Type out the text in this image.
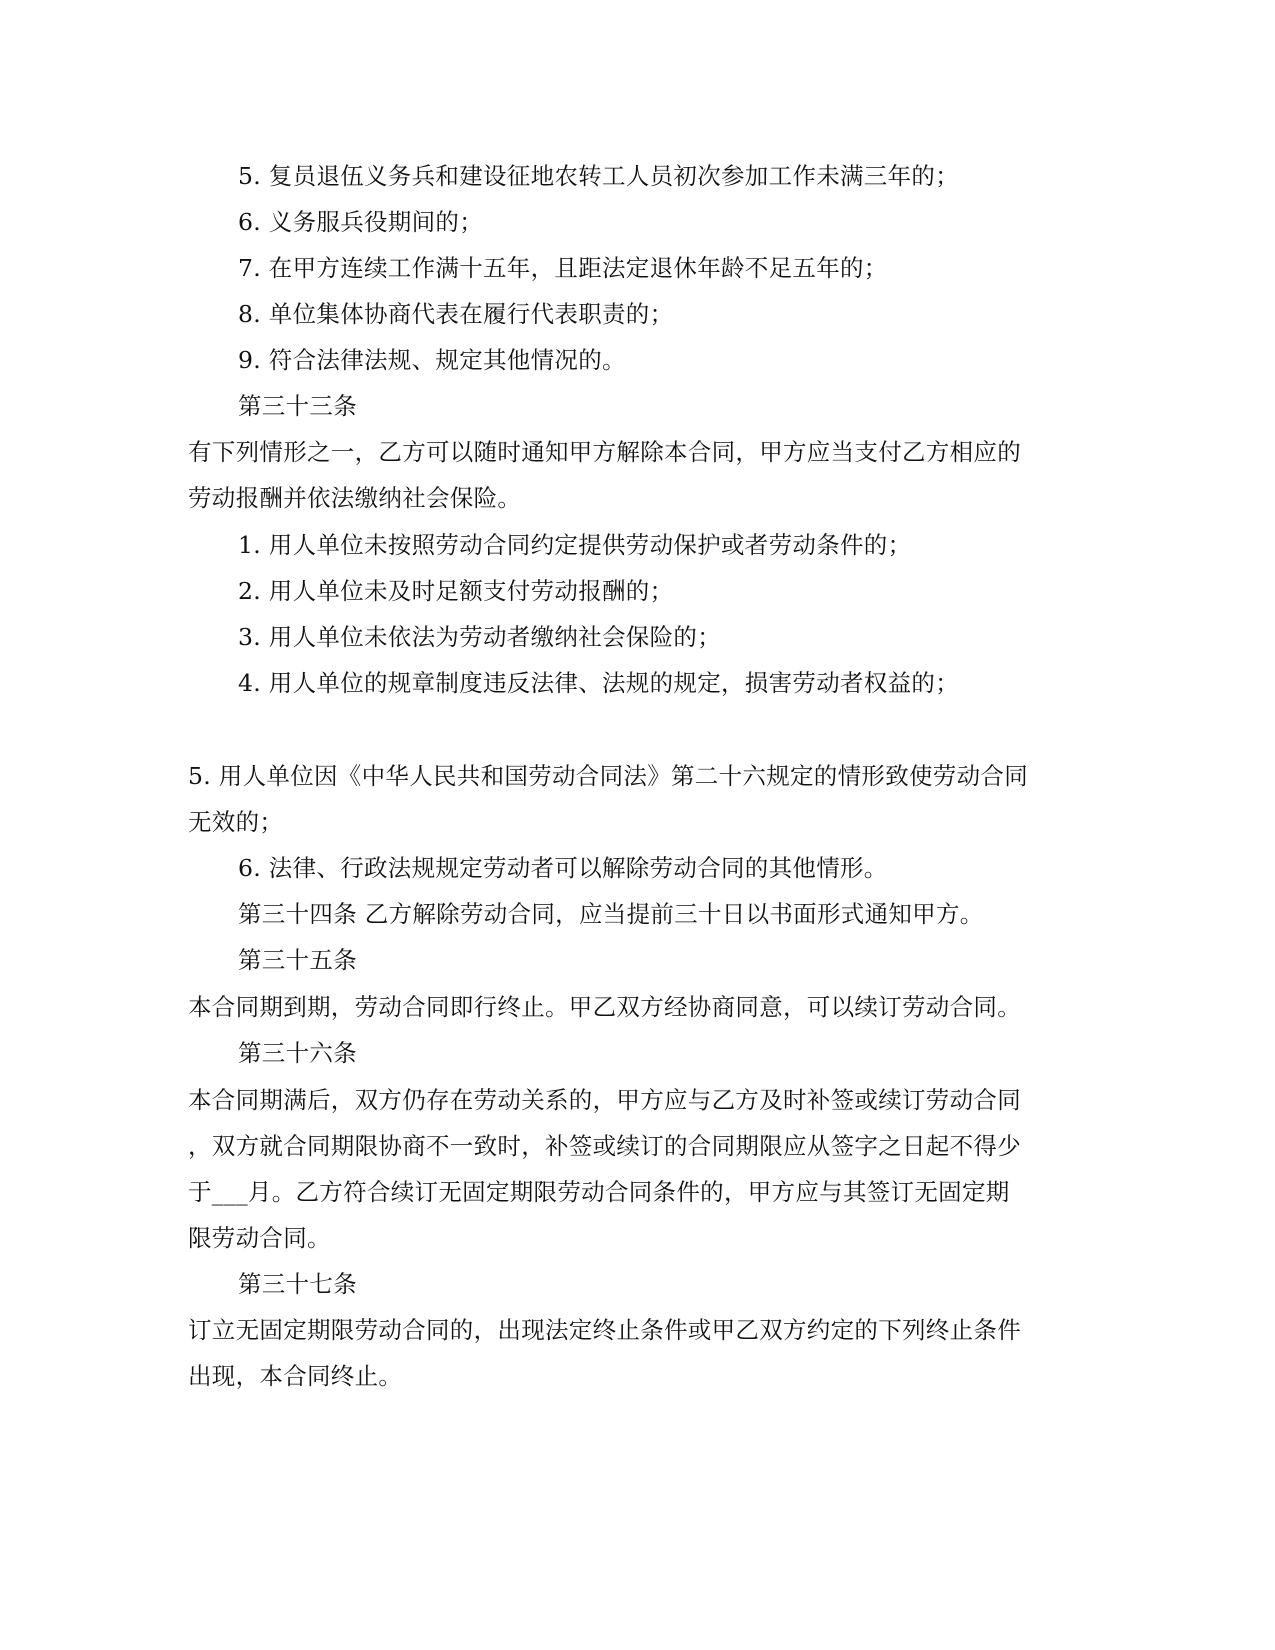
5. 复员退伍义务兵和建设征地农转工人员初次参加工作未满三年的；
6. 义务服兵役期间的；
7. 在甲方连续工作满十五年，且距法定退休年龄不足五年的；
8. 单位集体协商代表在履行代表职责的；
9. 符合法律法规、规定其他情况的。
第三十三条
有下列情形之一，乙方可以随时通知甲方解除本合同，甲方应当支付乙方相应的
劳动报酬并依法缴纳社会保险。
1. 用人单位未按照劳动合同约定提供劳动保护或者劳动条件的；
2. 用人单位未及时足额支付劳动报酬的；
3. 用人单位未依法为劳动者缴纳社会保险的；
4. 用人单位的规章制度违反法律、法规的规定，损害劳动者权益的；
5. 用人单位因《中华人民共和国劳动合同法》第二十六规定的情形致使劳动合同
无效的；
6. 法律、行政法规规定劳动者可以解除劳动合同的其他情形。
第三十四条 乙方解除劳动合同，应当提前三十日以书面形式通知甲方。
第三十五条
本合同期到期，劳动合同即行终止。甲乙双方经协商同意，可以续订劳动合同。
第三十六条
本合同期满后，双方仍存在劳动关系的，甲方应与乙方及时补签或续订劳动合同
，双方就合同期限协商不一致时，补签或续订的合同期限应从签字之日起不得少
于___月。乙方符合续订无固定期限劳动合同条件的，甲方应与其签订无固定期
限劳动合同。
第三十七条
订立无固定期限劳动合同的，出现法定终止条件或甲乙双方约定的下列终止条件
出现，本合同终止。
